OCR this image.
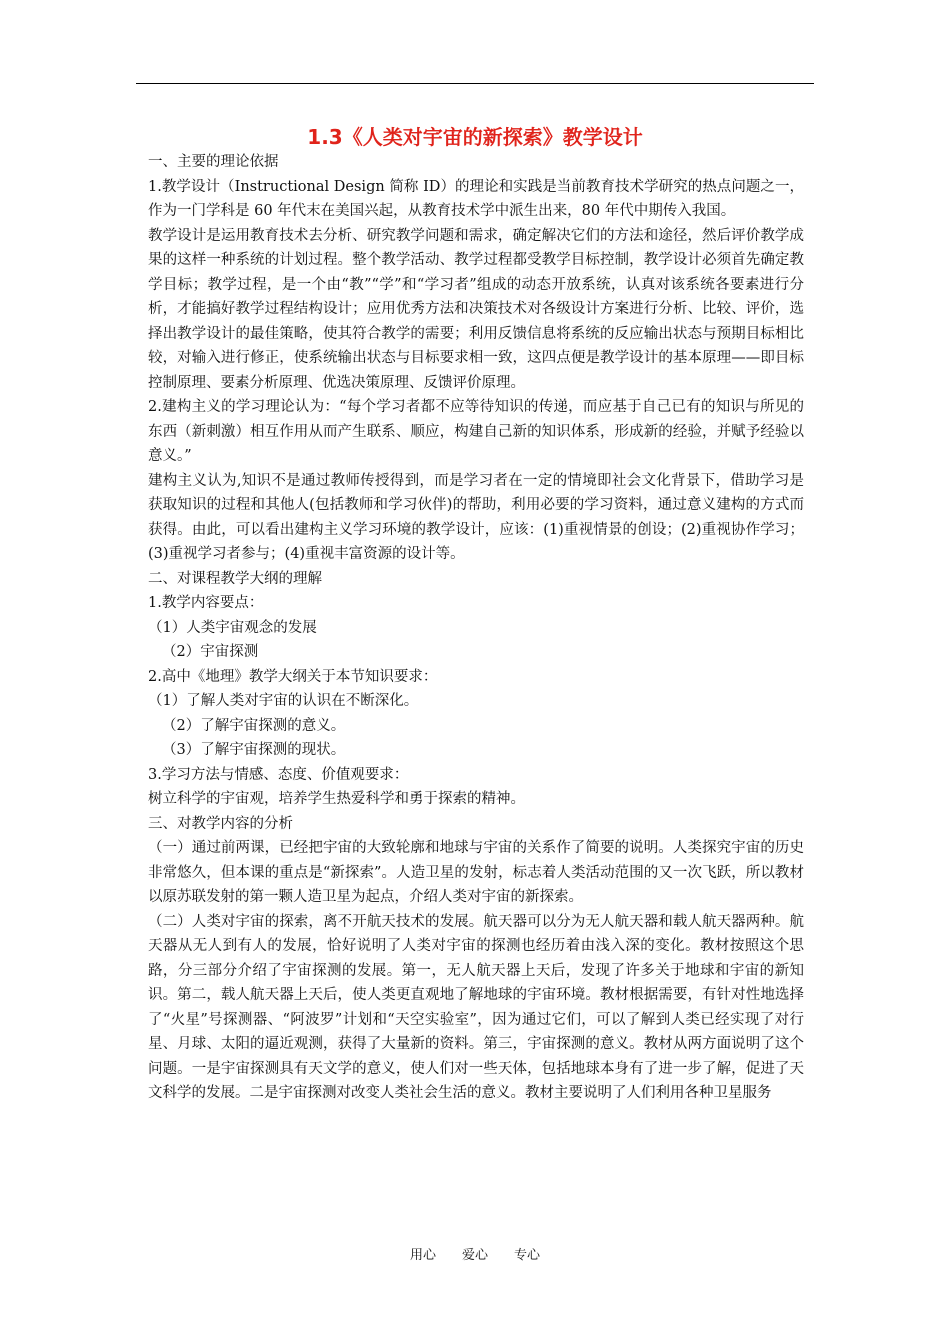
1.3《人类对宇宙的新探索》教学设计

一、主要的理论依据

1.教学设计（Instructional Design 简称 ID）的理论和实践是当前教育技术学研究的热点问题之一，作为一门学科是 60 年代末在美国兴起，从教育技术学中派生出来，80 年代中期传入我国。

教学设计是运用教育技术去分析、研究教学问题和需求，确定解决它们的方法和途径，然后评价教学成果的这样一种系统的计划过程。整个教学活动、教学过程都受教学目标控制，教学设计必须首先确定教学目标；教学过程，是一个由“教”“学”和“学习者”组成的动态开放系统，认真对该系统各要素进行分析，才能搞好教学过程结构设计；应用优秀方法和决策技术对各级设计方案进行分析、比较、评价，选择出教学设计的最佳策略，使其符合教学的需要；利用反馈信息将系统的反应输出状态与预期目标相比较，对输入进行修正，使系统输出状态与目标要求相一致，这四点便是教学设计的基本原理——即目标控制原理、要素分析原理、优选决策原理、反馈评价原理。

2.建构主义的学习理论认为：“每个学习者都不应等待知识的传递，而应基于自己已有的知识与所见的东西（新刺激）相互作用从而产生联系、顺应，构建自己新的知识体系，形成新的经验，并赋予经验以意义。”

建构主义认为,知识不是通过教师传授得到，而是学习者在一定的情境即社会文化背景下，借助学习是获取知识的过程和其他人(包括教师和学习伙伴)的帮助，利用必要的学习资料，通过意义建构的方式而获得。由此，可以看出建构主义学习环境的教学设计，应该：(1)重视情景的创设；(2)重视协作学习；(3)重视学习者参与；(4)重视丰富资源的设计等。

二、对课程教学大纲的理解

1.教学内容要点：

（1）人类宇宙观念的发展

（2）宇宙探测

2.高中《地理》教学大纲关于本节知识要求：

（1）了解人类对宇宙的认识在不断深化。

（2）了解宇宙探测的意义。

（3）了解宇宙探测的现状。

3.学习方法与情感、态度、价值观要求：

树立科学的宇宙观，培养学生热爱科学和勇于探索的精神。

三、对教学内容的分析

（一）通过前两课，已经把宇宙的大致轮廓和地球与宇宙的关系作了简要的说明。人类探究宇宙的历史非常悠久，但本课的重点是“新探索”。人造卫星的发射，标志着人类活动范围的又一次飞跃，所以教材以原苏联发射的第一颗人造卫星为起点，介绍人类对宇宙的新探索。

（二）人类对宇宙的探索，离不开航天技术的发展。航天器可以分为无人航天器和载人航天器两种。航天器从无人到有人的发展，恰好说明了人类对宇宙的探测也经历着由浅入深的变化。教材按照这个思路，分三部分介绍了宇宙探测的发展。第一，无人航天器上天后，发现了许多关于地球和宇宙的新知识。第二，载人航天器上天后，使人类更直观地了解地球的宇宙环境。教材根据需要，有针对性地选择了“火星”号探测器、“阿波罗”计划和“天空实验室”，因为通过它们，可以了解到人类已经实现了对行星、月球、太阳的逼近观测，获得了大量新的资料。第三，宇宙探测的意义。教材从两方面说明了这个问题。一是宇宙探测具有天文学的意义，使人们对一些天体，包括地球本身有了进一步了解，促进了天文科学的发展。二是宇宙探测对改变人类社会生活的意义。教材主要说明了人们利用各种卫星服务

用心　　爱心　　专心
